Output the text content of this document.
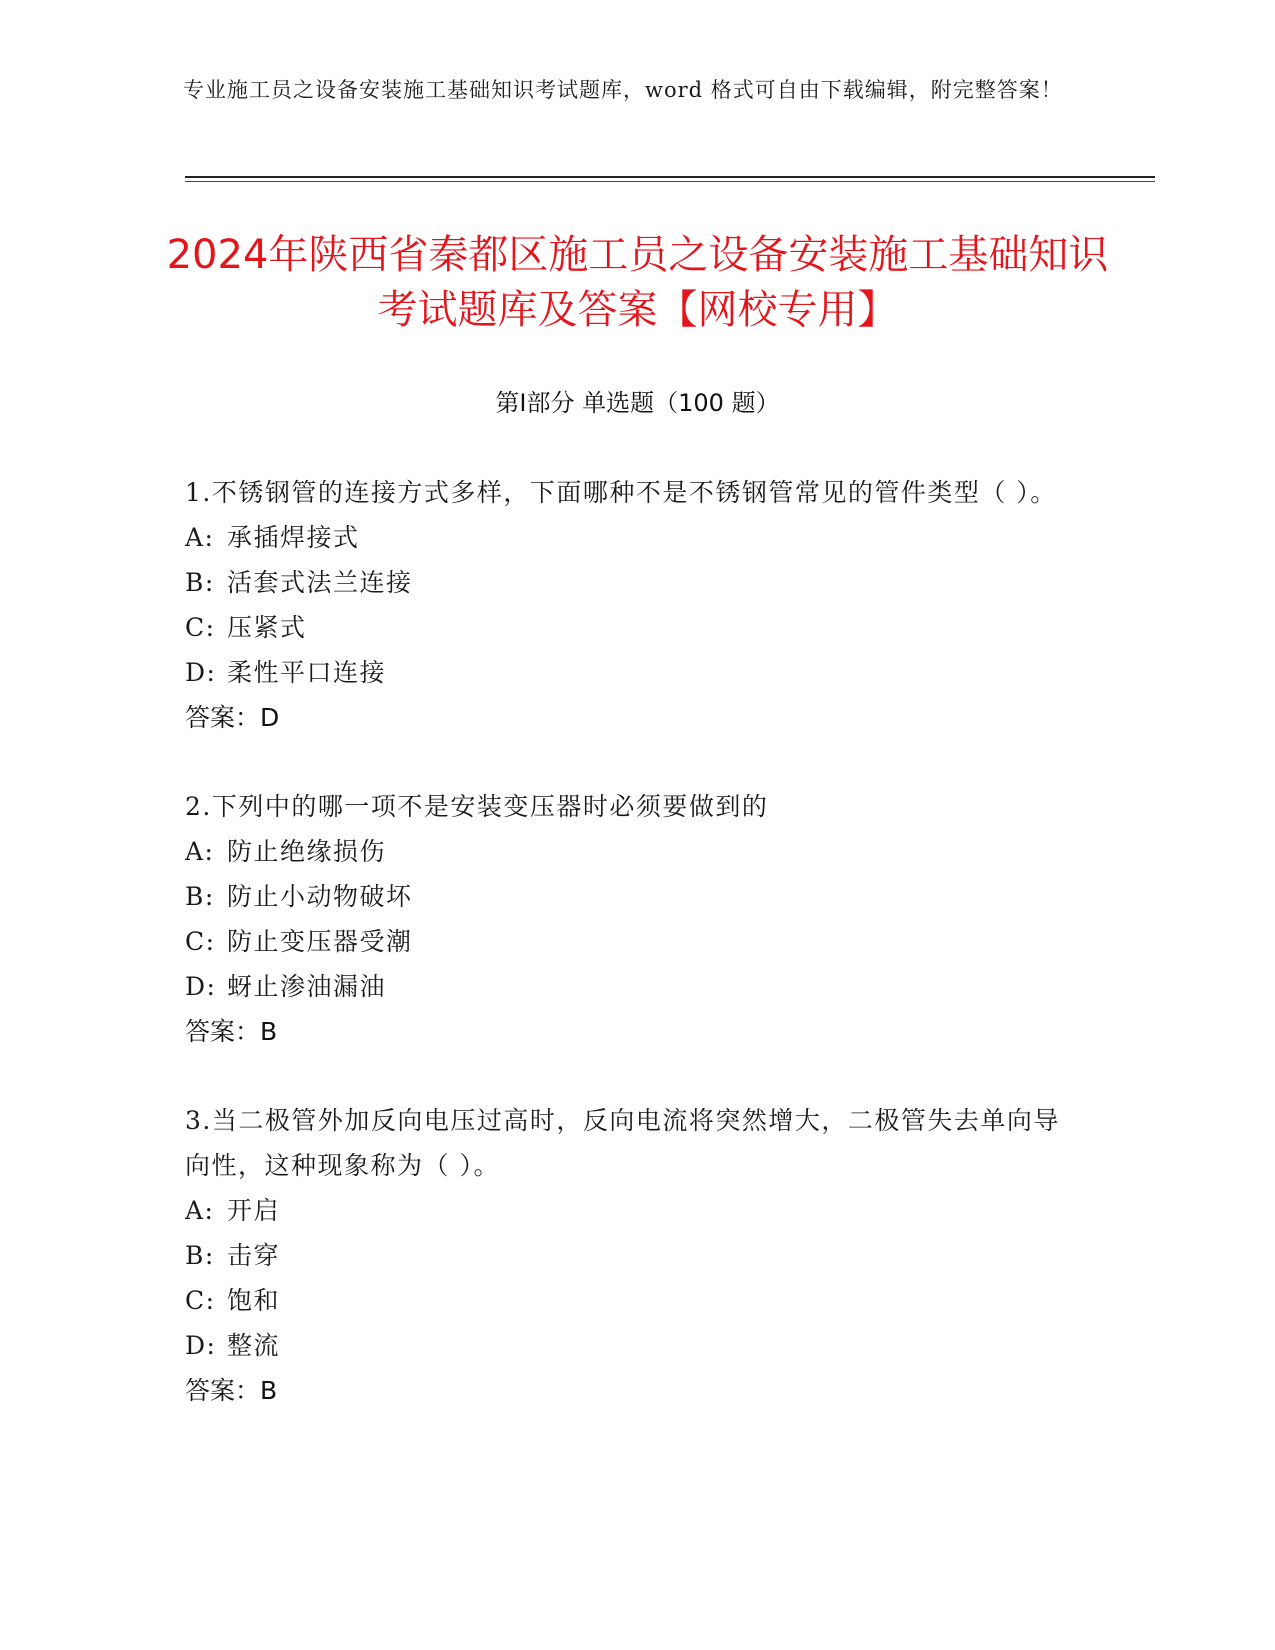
专业施工员之设备安装施工基础知识考试题库，word 格式可自由下载编辑，附完整答案！
2024年陕西省秦都区施工员之设备安装施工基础知识考试题库及答案【网校专用】
第Ⅰ部分 单选题（100 题）
1.不锈钢管的连接方式多样，下面哪种不是不锈钢管常见的管件类型（ ）。
A: 承插焊接式
B: 活套式法兰连接
C: 压紧式
D: 柔性平口连接
答案：D
2.下列中的哪一项不是安装变压器时必须要做到的
A: 防止绝缘损伤
B: 防止小动物破坏
C: 防止变压器受潮
D: 蚜止渗油漏油
答案：B
3.当二极管外加反向电压过高时，反向电流将突然增大，二极管失去单向导向性，这种现象称为（ ）。
A: 开启
B: 击穿
C: 饱和
D: 整流
答案：B
